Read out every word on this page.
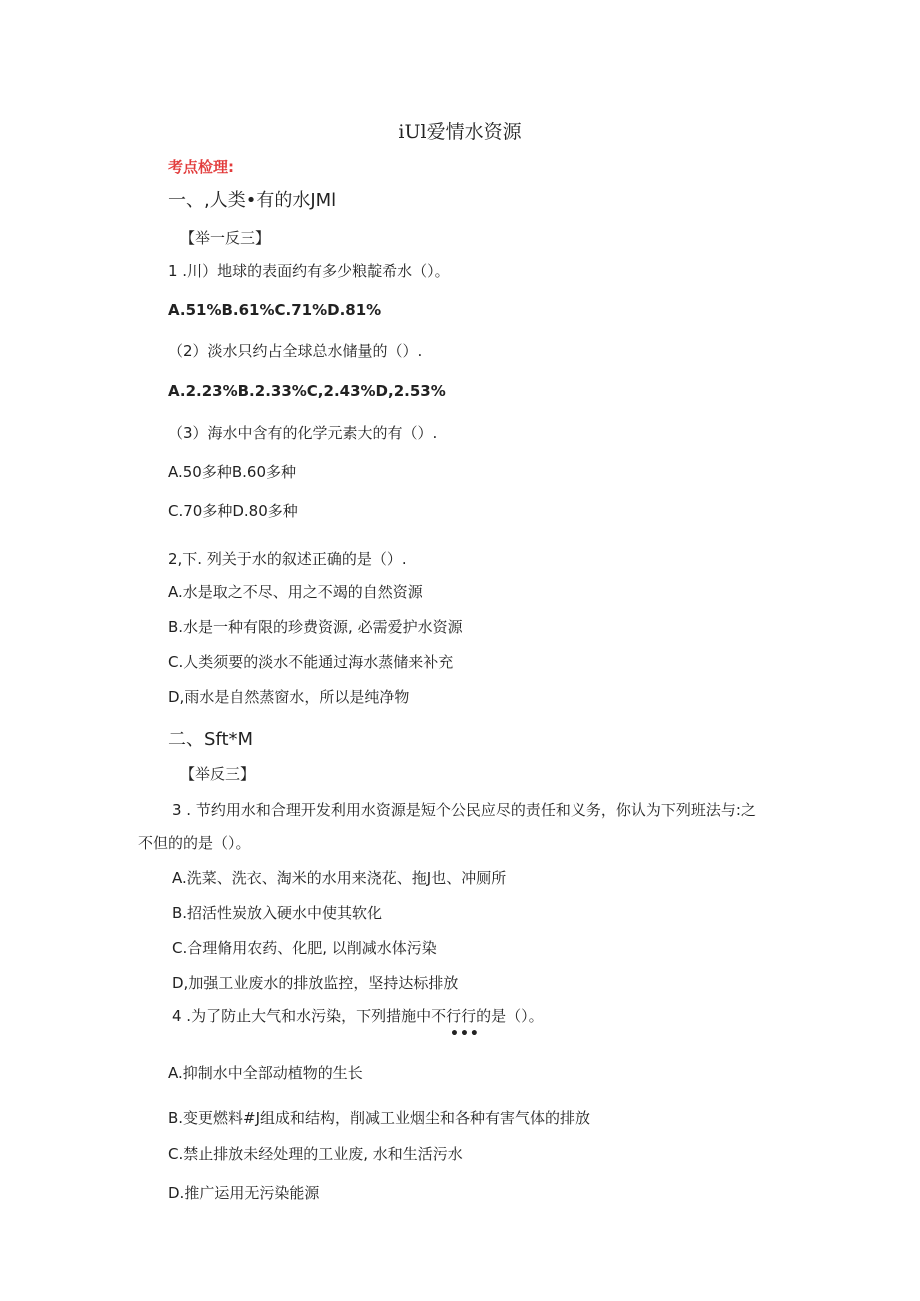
iUl爱情水资源
考点检理:
一、,人类•有的水JMl
【举一反三】
1 .川）地球的表面约有多少粮靛希水（）。
A.51%B.61%C.71%D.81%
（2）淡水只约占全球总水储量的（）.
A.2.23%B.2.33%C,2.43%D,2.53%
（3）海水中含有的化学元素大的有（）.
A.50多种B.60多种
C.70多种D.80多种
2,下. 列关于水的叙述正确的是（）.
A.水是取之不尽、用之不竭的自然资源
B.水是一种有限的珍费资源, 必需爱护水资源
C.人类须要的淡水不能通过海水蒸储来补充
D,雨水是自然蒸窗水，所以是纯净物
二、Sft*M
【举反三】
3 . 节约用水和合理开发利用水资源是短个公民应尽的责任和义务，你认为下列班法与:之
不但的的是（）。
A.洗菜、洗衣、淘米的水用来浇花、拖J也、冲厕所
B.招活性炭放入硬水中使其软化
C.合理脩用农药、化肥, 以削减水体污染
D,加强工业废水的排放监控，坚持达标排放
4 .为了防止大气和水污染，下列措施中不行行的是（）。
•••
A.抑制水中全部动植物的生长
B.变更燃料#J组成和结构，削减工业烟尘和各种有害气体的排放
C.禁止排放未经处理的工业废, 水和生活污水
D.推广运用无污染能源
